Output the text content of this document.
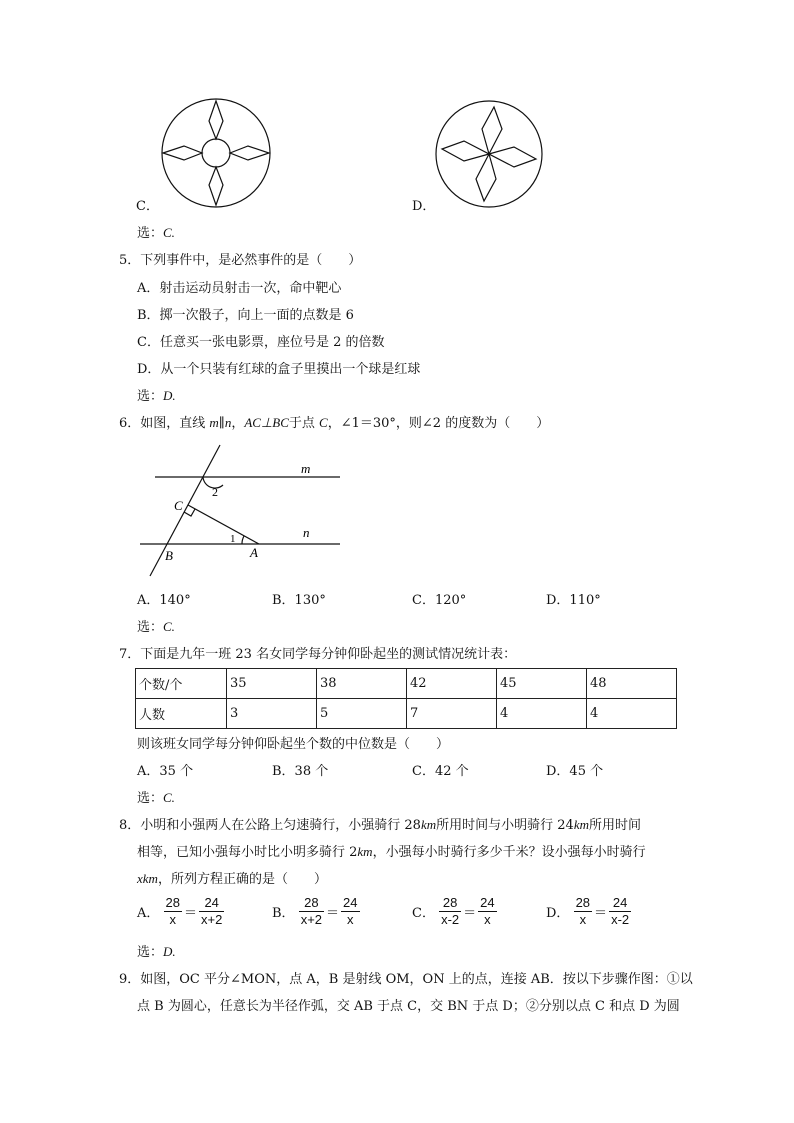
C．	D．
选：C.
5．下列事件中，是必然事件的是（　　）
A．射击运动员射击一次，命中靶心
B．掷一次骰子，向上一面的点数是 6
C．任意买一张电影票，座位号是 2 的倍数
D．从一个只装有红球的盒子里摸出一个球是红球
选：D.
6．如图，直线 m∥n，AC⊥BC于点 C，∠1＝30°，则∠2 的度数为（　　）
m
n
2
C
1
B	A
A．140°	B．130°	C．120°	D．110°
选：C.
7．下面是九年一班 23 名女同学每分钟仰卧起坐的测试情况统计表：
个数/个	35	38	42	45	48
人数	3	5	7	4	4
则该班女同学每分钟仰卧起坐个数的中位数是（　　）
A．35 个	B．38 个	C．42 个	D．45 个
选：C.
8．小明和小强两人在公路上匀速骑行，小强骑行 28km所用时间与小明骑行 24km所用时间
相等，已知小强每小时比小明多骑行 2km，小强每小时骑行多少千米？设小强每小时骑行
xkm，所列方程正确的是（　　）
A． $\frac{28}{x} = \frac{24}{x+2}$	B． $\frac{28}{x+2} = \frac{24}{x}$	C． $\frac{28}{x-2} = \frac{24}{x}$	D． $\frac{28}{x} = \frac{24}{x-2}$
选：D.
9．如图，OC 平分∠MON，点 A，B 是射线 OM，ON 上的点，连接 AB．按以下步骤作图：①以
点 B 为圆心，任意长为半径作弧，交 AB 于点 C，交 BN 于点 D；②分别以点 C 和点 D 为圆
